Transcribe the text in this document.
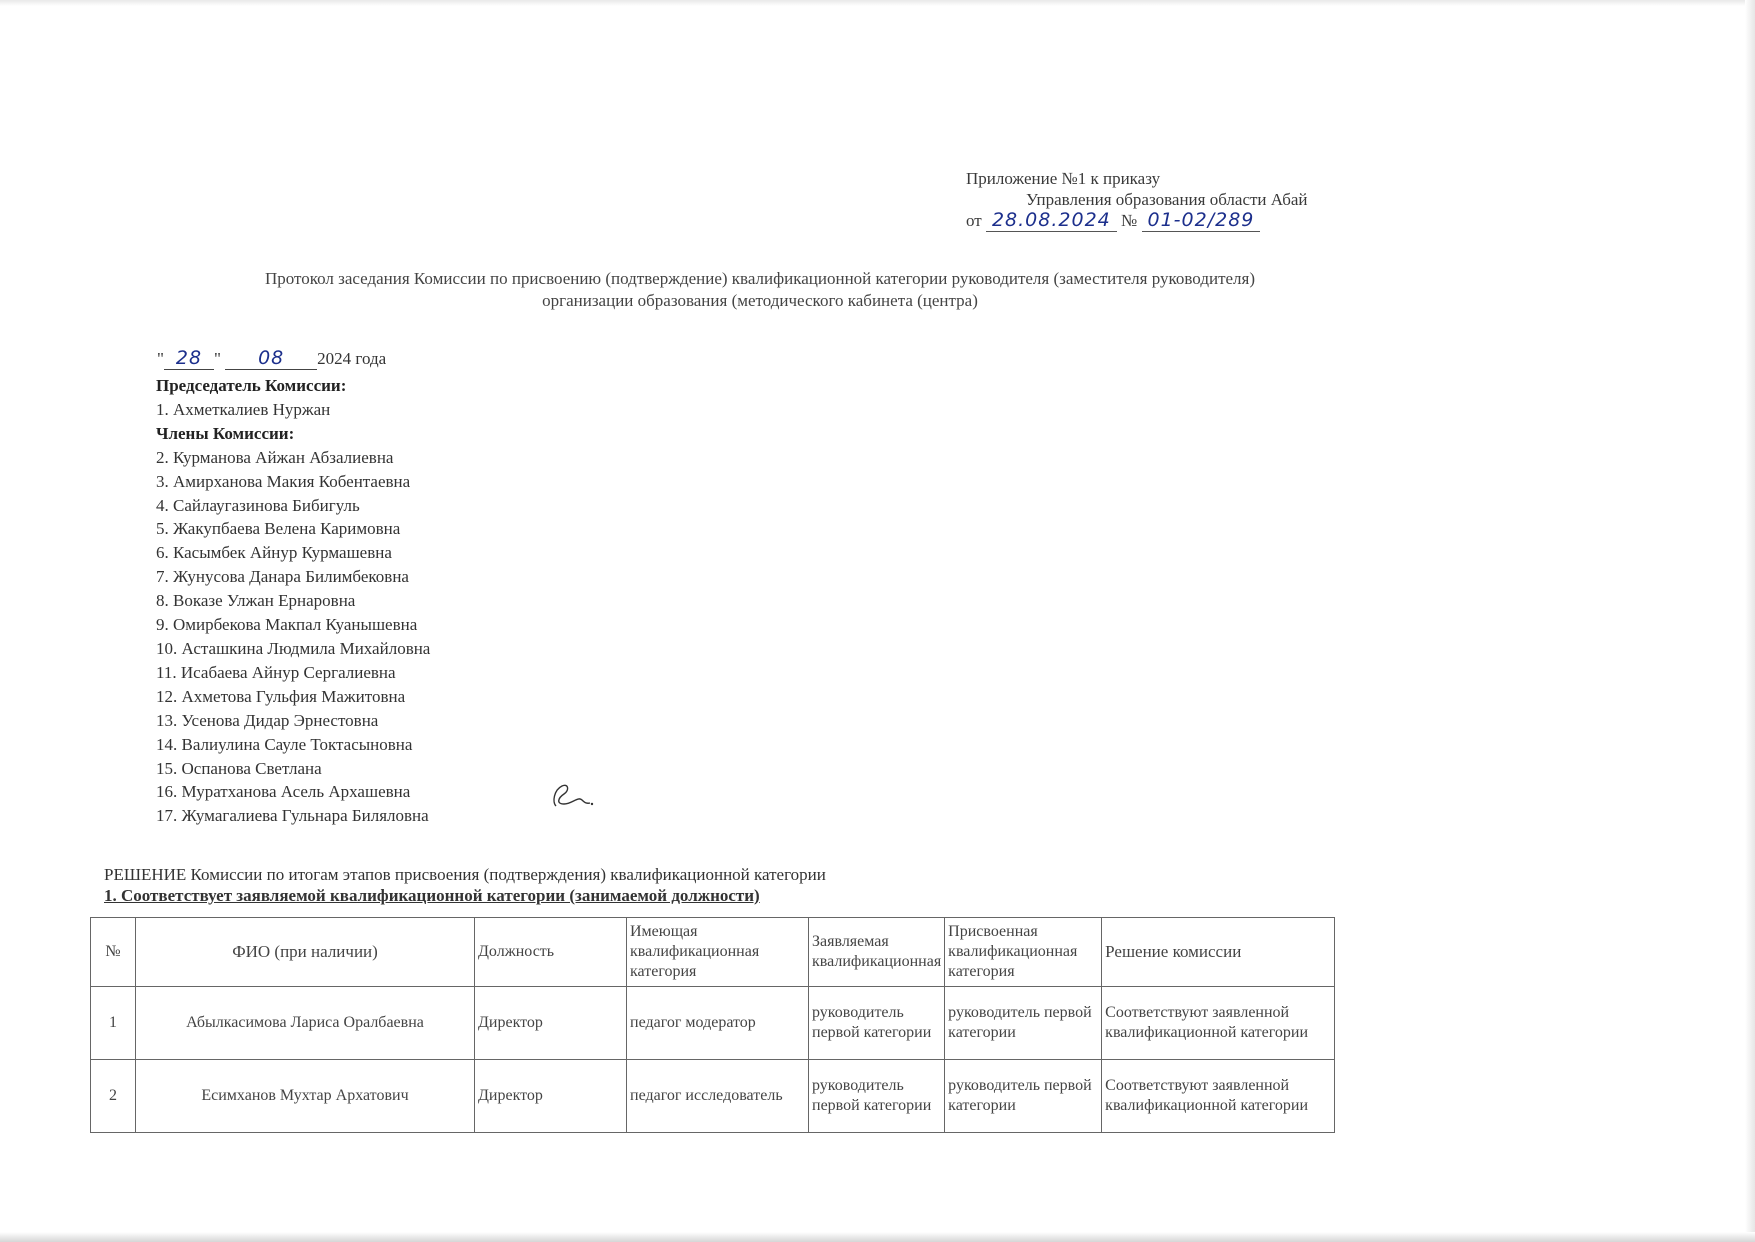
Приложение №1 к приказу
Управления образования области Абай
от 28.08.2024 № 01-02/289
Протокол заседания Комиссии по присвоению (подтверждение) квалификационной категории руководителя (заместителя руководителя)
организации образования (методического кабинета (центра)
" 28 " 08 2024 года
Председатель Комиссии:
1. Ахметкалиев Нуржан
Члены Комиссии:
2. Курманова Айжан Абзалиевна
3. Амирханова Макия Кобентаевна
4. Сайлаугазинова Бибигуль
5. Жакупбаева Велена Каримовна
6. Касымбек Айнур Курмашевна
7. Жунусова Данара Билимбековна
8. Воказе Улжан Ернаровна
9. Омирбекова Макпал Куанышевна
10. Асташкина Людмила Михайловна
11. Исабаева Айнур Сергалиевна
12. Ахметова Гульфия Мажитовна
13. Усенова Дидар Эрнестовна
14. Валиулина Сауле Токтасыновна
15. Оспанова Светлана
16. Муратханова Асель Архашевна
17. Жумагалиева Гульнара Биляловна
РЕШЕНИЕ Комиссии по итогам этапов присвоения (подтверждения) квалификационной категории
1. Соответствует заявляемой квалификационной категории (занимаемой должности)
№	ФИО (при наличии)	Должность	Имеющая квалификационная категория	Заявляемая квалификационная	Присвоенная квалификационная категория	Решение комиссии
1	Абылкасимова Лариса Оралбаевна	Директор	педагог модератор	руководитель первой категории	руководитель первой категории	Соответствуют заявленной квалификационной категории
2	Есимханов Мухтар Архатович	Директор	педагог исследователь	руководитель первой категории	руководитель первой категории	Соответствуют заявленной квалификационной категории
